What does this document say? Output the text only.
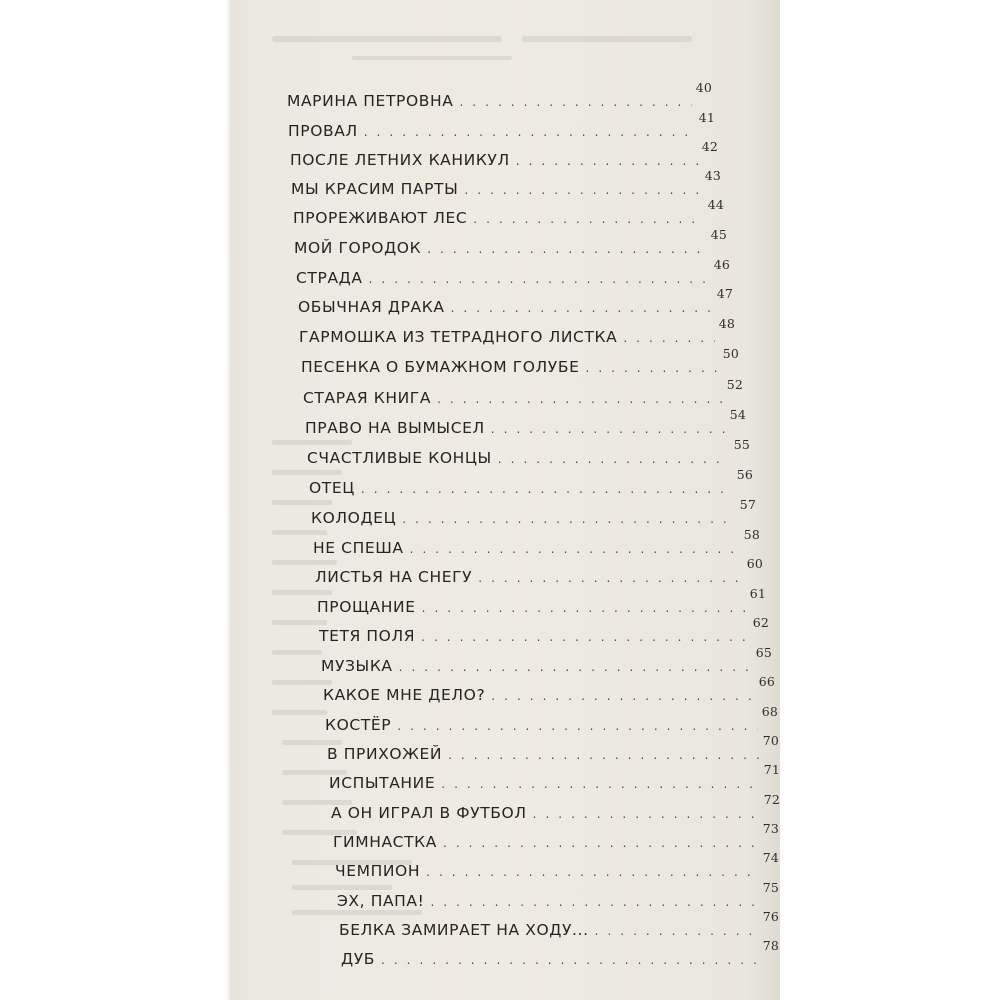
МАРИНА ПЕТРОВНА
. . .
40
ПРОВАЛ
. . .
41
ПОСЛЕ ЛЕТНИХ КАНИКУЛ
. . .
42
МЫ КРАСИМ ПАРТЫ
. . .
43
ПРОРЕЖИВАЮТ ЛЕС
. . .
44
МОЙ ГОРОДОК
. . .
45
СТРАДА
. . .
46
ОБЫЧНАЯ ДРАКА
. . .
47
ГАРМОШКА ИЗ ТЕТРАДНОГО ЛИСТКА
. . .
48
ПЕСЕНКА О БУМАЖНОМ ГОЛУБЕ
. . .
50
СТАРАЯ КНИГА
. . .
52
ПРАВО НА ВЫМЫСЕЛ
. . .
54
СЧАСТЛИВЫЕ КОНЦЫ
. . .
55
ОТЕЦ
. . .
56
КОЛОДЕЦ
. . .
57
НЕ СПЕША
. . .
58
ЛИСТЬЯ НА СНЕГУ
. . .
60
ПРОЩАНИЕ
. . .
61
ТЕТЯ ПОЛЯ
. . .
62
МУЗЫКА
. . .
65
КАКОЕ МНЕ ДЕЛО?
. . .
66
КОСТЁР
. . .
68
В ПРИХОЖЕЙ
. . .
70
ИСПЫТАНИЕ
. . .
71
А ОН ИГРАЛ В ФУТБОЛ
. . .
72
ГИМНАСТКА
. . .
73
ЧЕМПИОН
. . .
74
ЭХ, ПАПА!
. . .
75
БЕЛКА ЗАМИРАЕТ НА ХОДУ...
. . .
76
ДУБ
. . .
78
